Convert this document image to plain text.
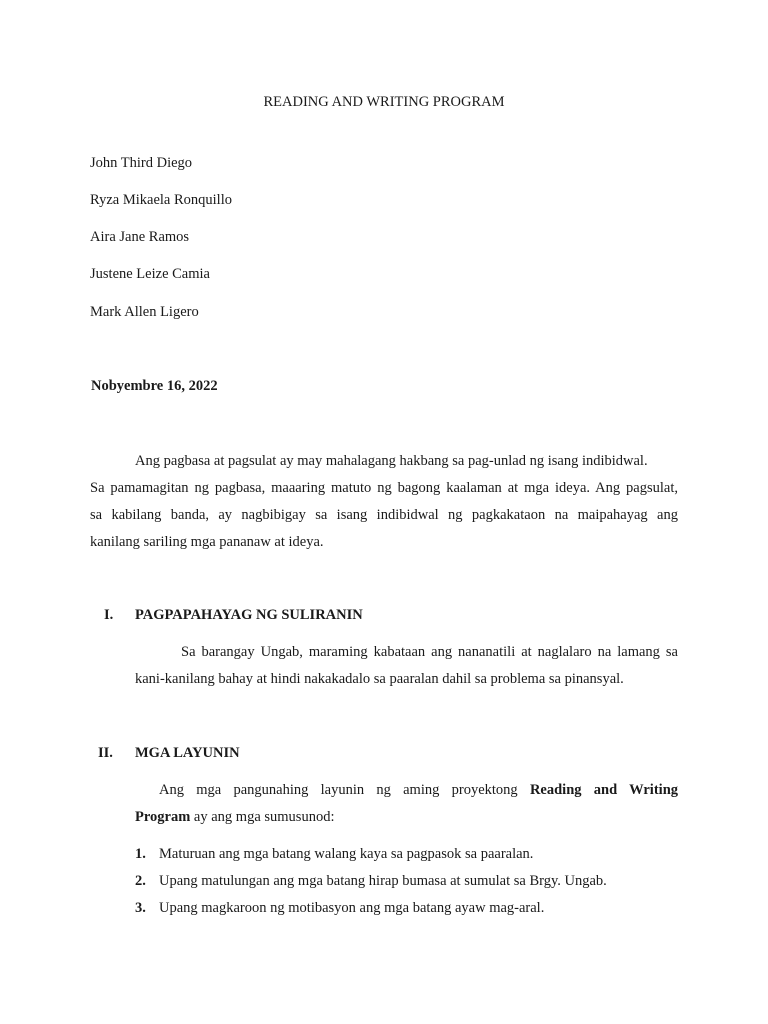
READING AND WRITING PROGRAM
John Third Diego
Ryza Mikaela Ronquillo
Aira Jane Ramos
Justene Leize Camia
Mark Allen Ligero
Nobyembre 16, 2022
Ang pagbasa at pagsulat ay may mahalagang hakbang sa pag-unlad ng isang indibidwal.
Sa pamamagitan ng pagbasa, maaaring matuto ng bagong kaalaman at mga ideya. Ang pagsulat,
sa kabilang banda, ay nagbibigay sa isang indibidwal ng pagkakataon na maipahayag ang
kanilang sariling mga pananaw at ideya.
I. PAGPAPAHAYAG NG SULIRANIN
Sa barangay Ungab, maraming kabataan ang nananatili at naglalaro na lamang sa
kani-kanilang bahay at hindi nakakadalo sa paaralan dahil sa problema sa pinansyal.
II. MGA LAYUNIN
Ang mga pangunahing layunin ng aming proyektong Reading and Writing
Program ay ang mga sumusunod:
1. Maturuan ang mga batang walang kaya sa pagpasok sa paaralan.
2. Upang matulungan ang mga batang hirap bumasa at sumulat sa Brgy. Ungab.
3. Upang magkaroon ng motibasyon ang mga batang ayaw mag-aral.
